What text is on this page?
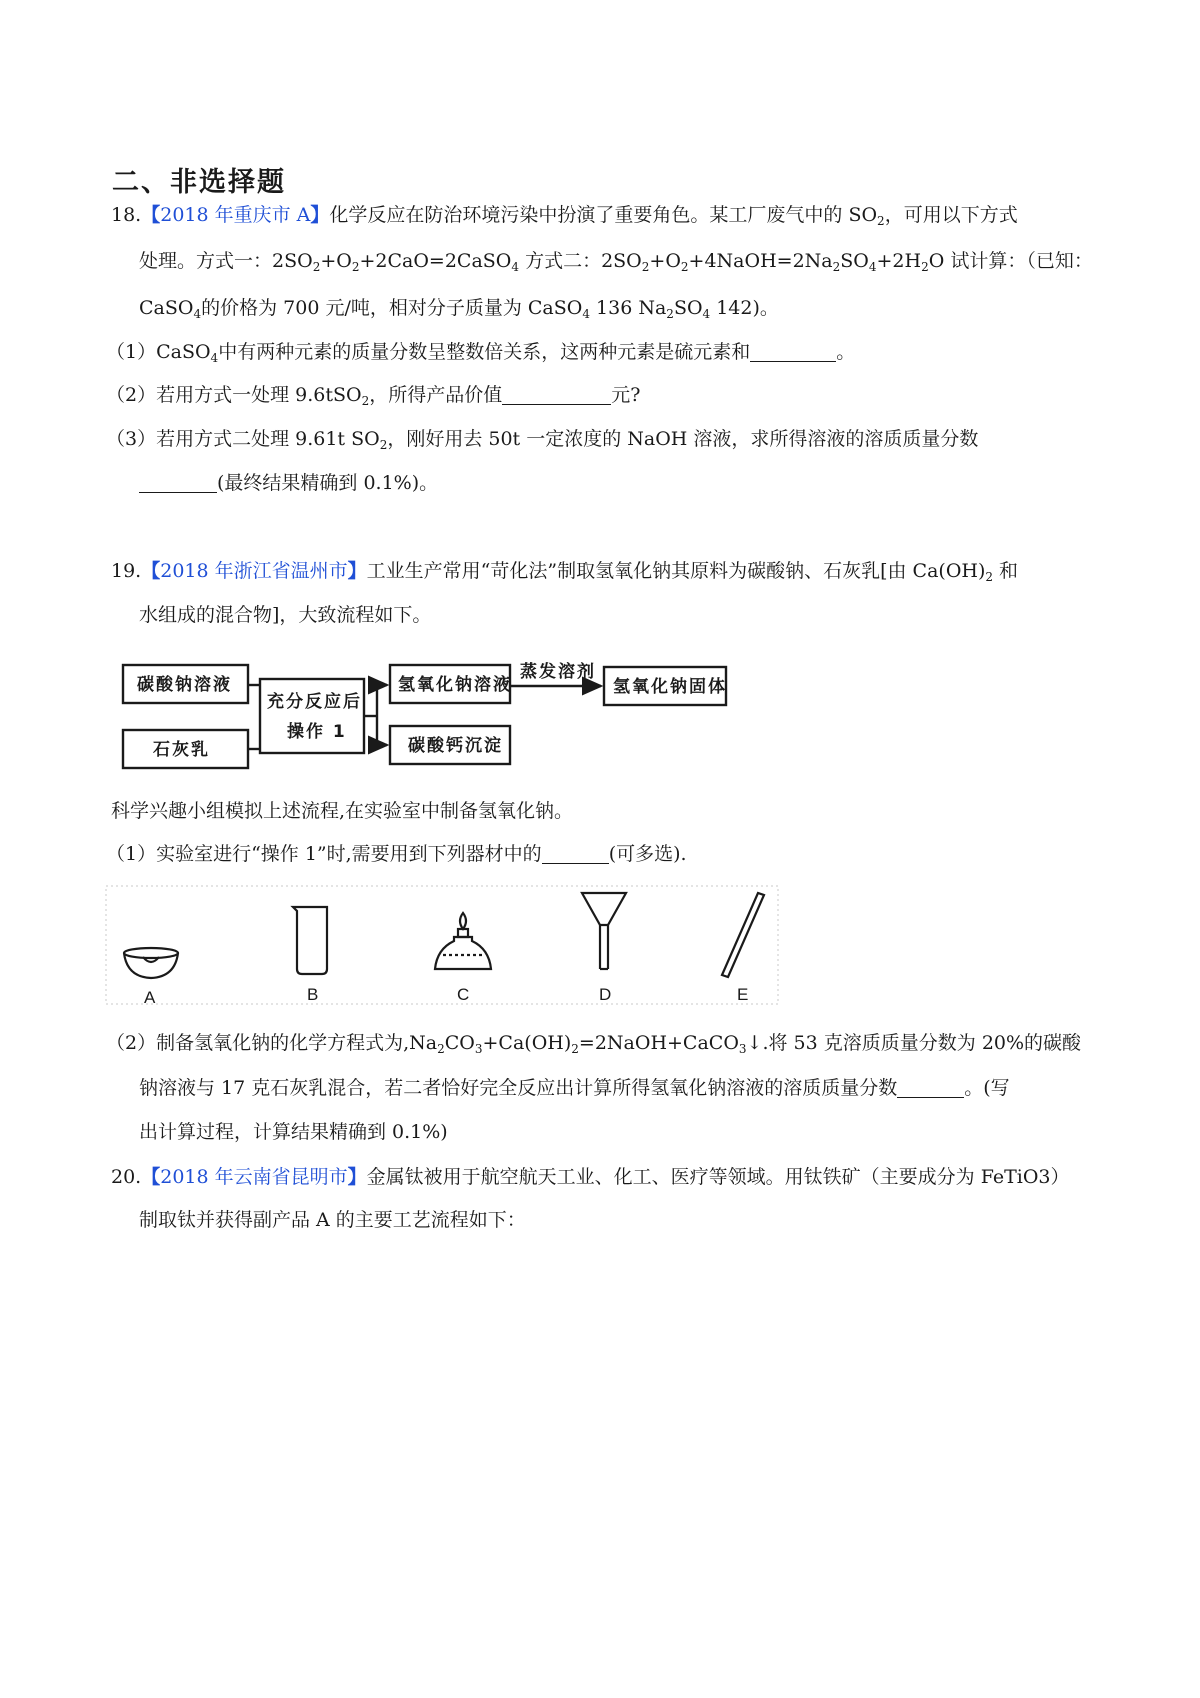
二、非选择题
18.【2018 年重庆市 A】化学反应在防治环境污染中扮演了重要角色。某工厂废气中的 $SO_2$，可用以下方式
处理。方式一：$2SO_2+O_2+2CaO=2CaSO_4$ 方式二：$2SO_2+O_2+4NaOH=2Na_2SO_4+2H_2O$ 试计算：（已知：
CaSO$_4$的价格为 700 元/吨，相对分子质量为 CaSO$_4$ 136 $Na_2SO_4$ 142)。
（1）CaSO$_4$中有两种元素的质量分数呈整数倍关系，这两种元素是硫元素和	。
（2）若用方式一处理 9.6tSO$_2$，所得产品价值	元?
（3）若用方式二处理 9.61t $SO_2$，刚好用去 50t 一定浓度的 NaOH 溶液，求所得溶液的溶质质量分数
(最终结果精确到 0.1%)。
19.【2018 年浙江省温州市】工业生产常用“苛化法”制取氢氧化钠其原料为碳酸钠、石灰乳[由 $Ca(OH)_2$ 和
水组成的混合物]，大致流程如下。
碳酸钠溶液
石灰乳
充分反应后
操作 1
氢氧化钠溶液
蒸发溶剂
氢氧化钠固体
碳酸钙沉淀
科学兴趣小组模拟上述流程,在实验室中制备氢氧化钠。
（1）实验室进行“操作 1”时,需要用到下列器材中的	(可多选).
A	B	C	D	E
（2）制备氢氧化钠的化学方程式为$,Na_2CO_3+Ca(OH)_2=2NaOH+CaCO_3↓$.将 53 克溶质质量分数为 20%的碳酸
钠溶液与 17 克石灰乳混合，若二者恰好完全反应出计算所得氢氧化钠溶液的溶质质量分数	。(写
出计算过程，计算结果精确到 0.1%)
20.【2018 年云南省昆明市】金属钛被用于航空航天工业、化工、医疗等领域。用钛铁矿（主要成分为 FeTiO3）
制取钛并获得副产品 A 的主要工艺流程如下：
